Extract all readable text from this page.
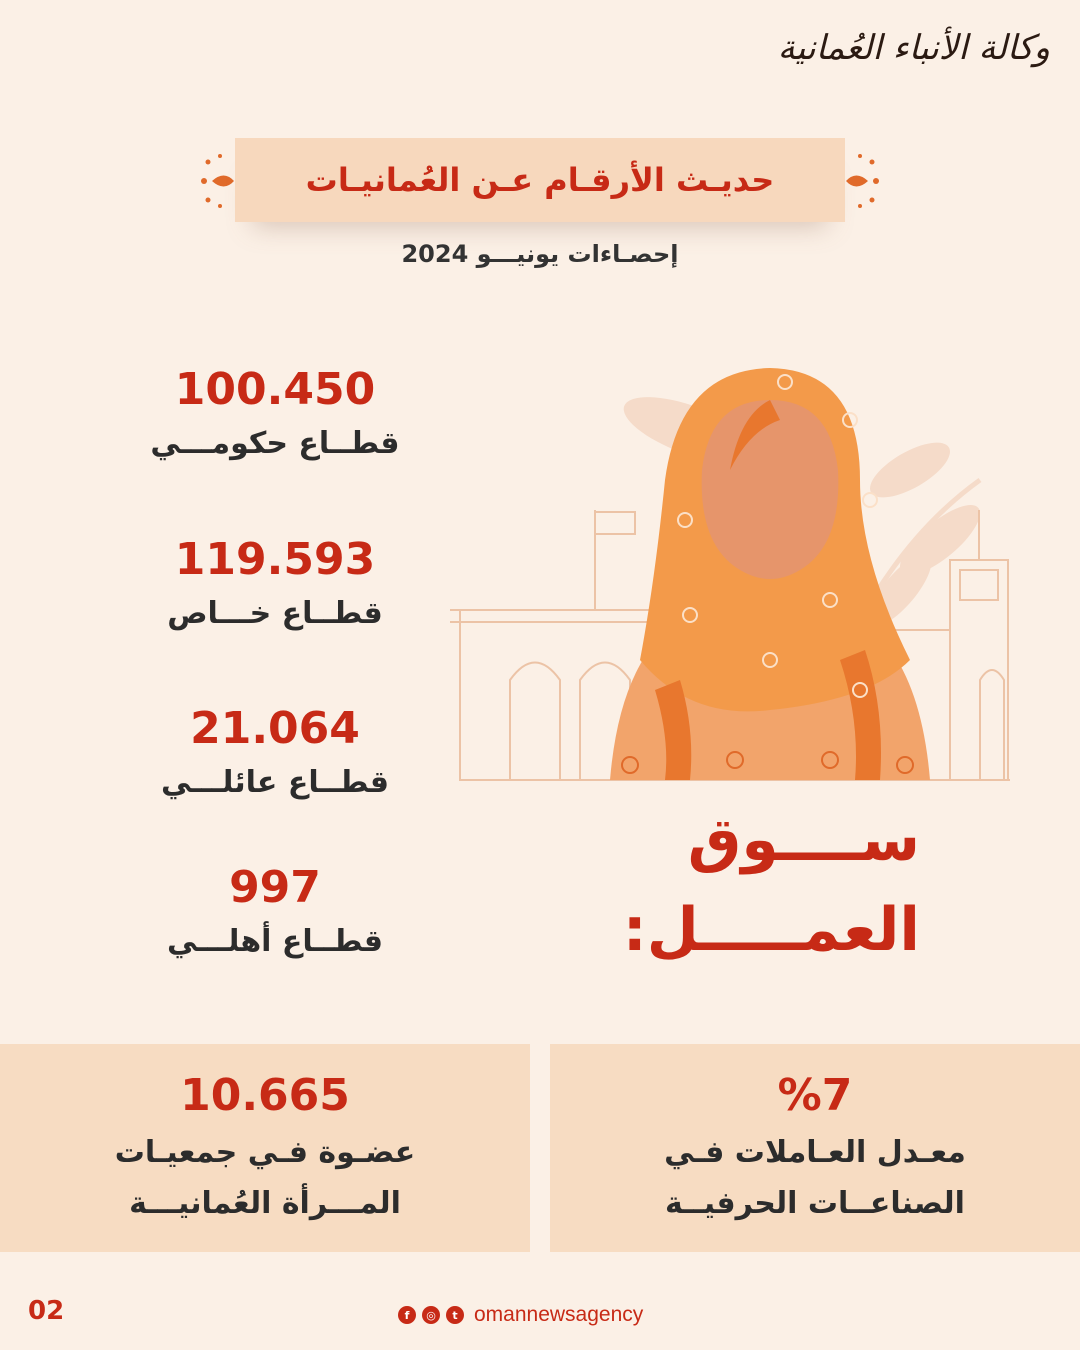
وكالة الأنباء العُمانية
حديـث الأرقـام عـن العُمانيـات
إحصـاءات يونيـــو 2024
100.450
قطــاع حكومـــي
119.593
قطــاع خـــاص
21.064
قطــاع عائلـــي
997
قطــاع أهلـــي
ســــوق
العمـــــل:
10.665
عضـوة فـي جمعيـات
المـــرأة العُمانيـــة
%7
معـدل العـاملات فـي
الصناعــات الحرفيــة
02	f	◎	t omannewsagency
